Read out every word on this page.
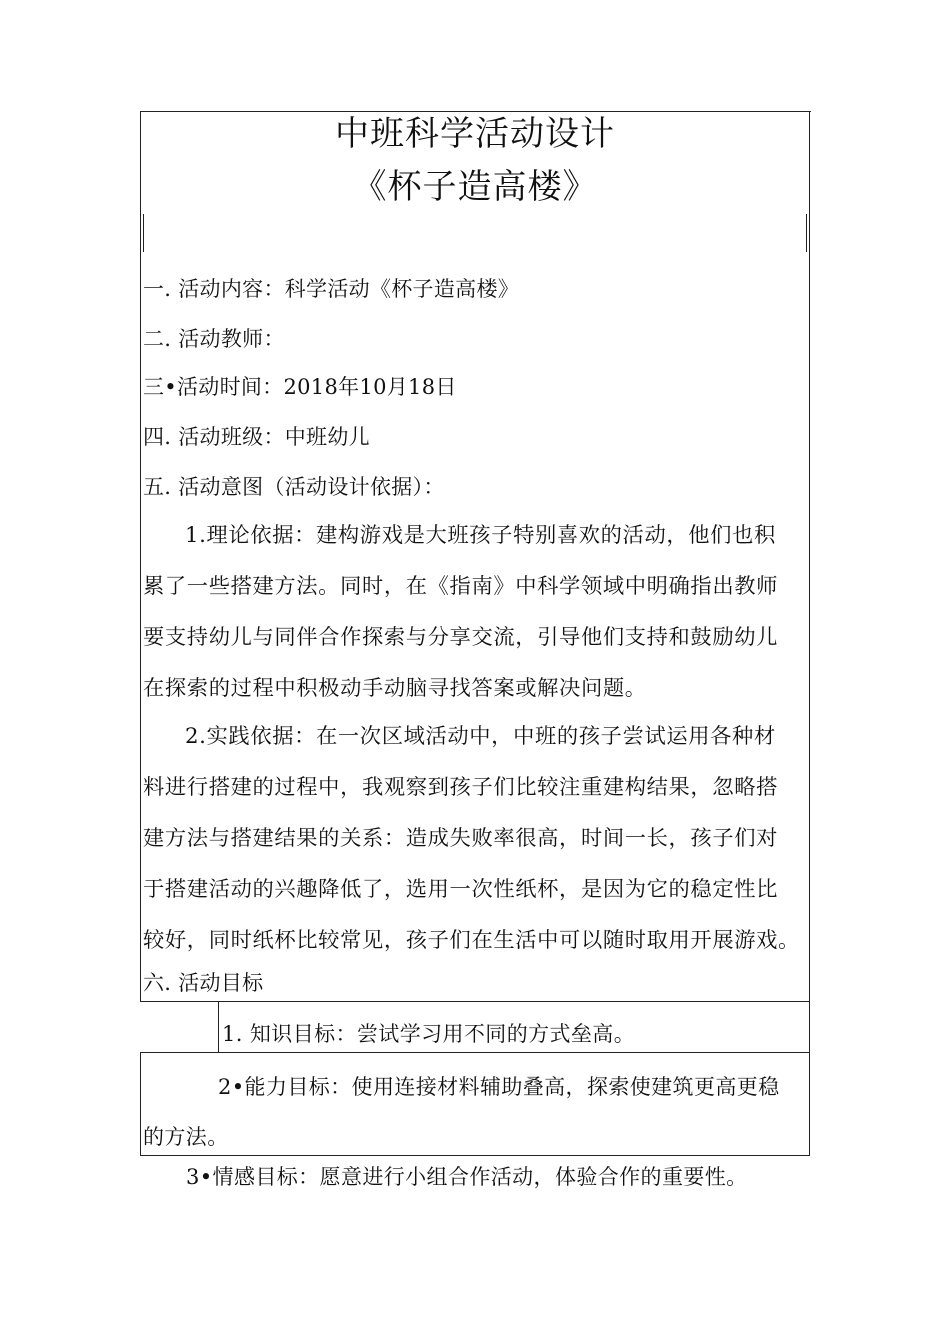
中班科学活动设计
《杯子造高楼》
一. 活动内容：科学活动《杯子造高楼》
二. 活动教师：
三•活动时间：2018年10月18日
四. 活动班级：中班幼儿
五. 活动意图（活动设计依据）：
1.理论依据：建构游戏是大班孩子特别喜欢的活动，他们也积
累了一些搭建方法。同时，在《指南》中科学领域中明确指出教师
要支持幼儿与同伴合作探索与分享交流，引导他们支持和鼓励幼儿
在探索的过程中积极动手动脑寻找答案或解决问题。
2.实践依据：在一次区域活动中，中班的孩子尝试运用各种材
料进行搭建的过程中，我观察到孩子们比较注重建构结果，忽略搭
建方法与搭建结果的关系：造成失败率很高，时间一长，孩子们对
于搭建活动的兴趣降低了，选用一次性纸杯，是因为它的稳定性比
较好，同时纸杯比较常见，孩子们在生活中可以随时取用开展游戏。
六. 活动目标
1. 知识目标：尝试学习用不同的方式垒高。
2•能力目标：使用连接材料辅助叠高，探索使建筑更高更稳
的方法。
3•情感目标：愿意进行小组合作活动，体验合作的重要性。
